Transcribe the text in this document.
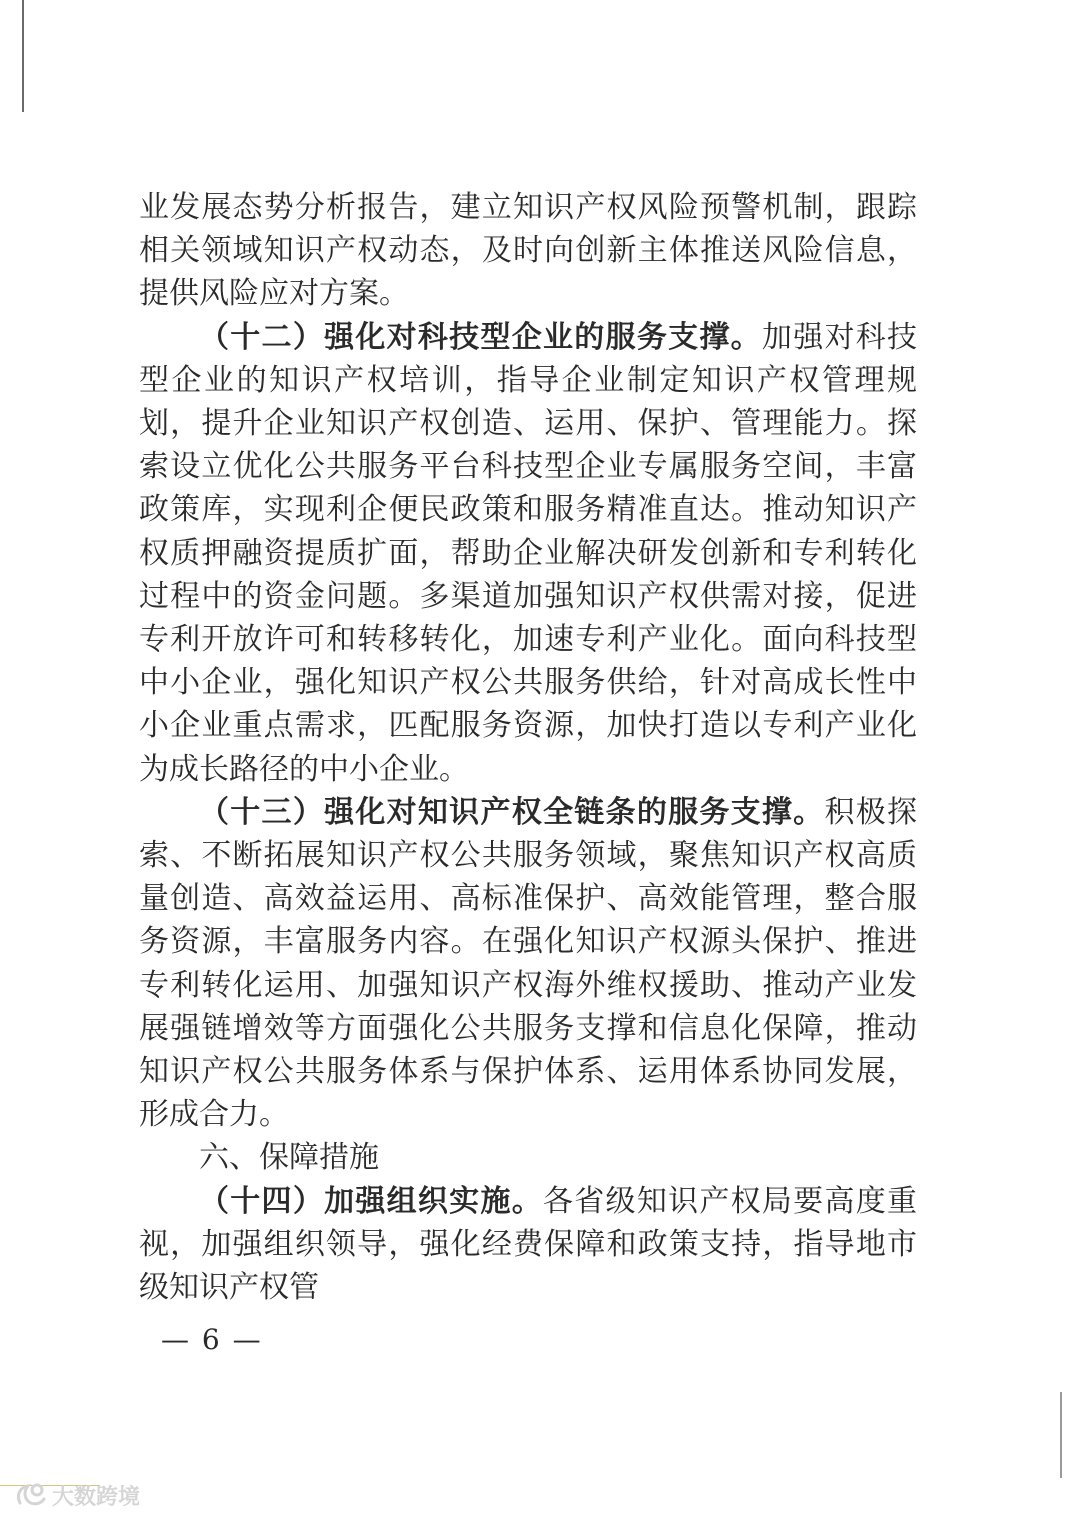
业发展态势分析报告，建立知识产权风险预警机制，跟踪相关领域知识产权动态，及时向创新主体推送风险信息，提供风险应对方案。

（十二）强化对科技型企业的服务支撑。加强对科技型企业的知识产权培训，指导企业制定知识产权管理规划，提升企业知识产权创造、运用、保护、管理能力。探索设立优化公共服务平台科技型企业专属服务空间，丰富政策库，实现利企便民政策和服务精准直达。推动知识产权质押融资提质扩面，帮助企业解决研发创新和专利转化过程中的资金问题。多渠道加强知识产权供需对接，促进专利开放许可和转移转化，加速专利产业化。面向科技型中小企业，强化知识产权公共服务供给，针对高成长性中小企业重点需求，匹配服务资源，加快打造以专利产业化为成长路径的中小企业。

（十三）强化对知识产权全链条的服务支撑。积极探索、不断拓展知识产权公共服务领域，聚焦知识产权高质量创造、高效益运用、高标准保护、高效能管理，整合服务资源，丰富服务内容。在强化知识产权源头保护、推进专利转化运用、加强知识产权海外维权援助、推动产业发展强链增效等方面强化公共服务支撑和信息化保障，推动知识产权公共服务体系与保护体系、运用体系协同发展，形成合力。

六、保障措施

（十四）加强组织实施。各省级知识产权局要高度重视，加强组织领导，强化经费保障和政策支持，指导地市级知识产权管

— 6 —
大数跨境
